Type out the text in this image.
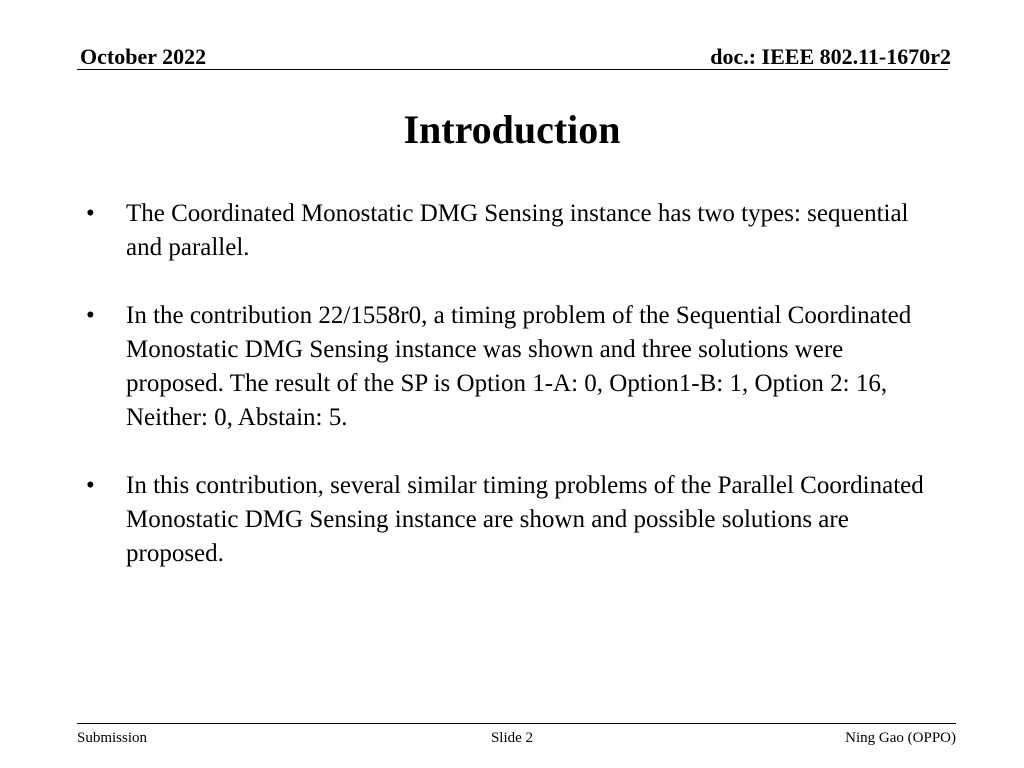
October 2022	doc.: IEEE 802.11-1670r2
Introduction
•	The Coordinated Monostatic DMG Sensing instance has two types: sequential and parallel.
•	In the contribution 22/1558r0, a timing problem of the Sequential Coordinated Monostatic DMG Sensing instance was shown and three solutions were proposed. The result of the SP is Option 1-A: 0, Option1-B: 1, Option 2: 16, Neither: 0, Abstain: 5.
•	In this contribution, several similar timing problems of the Parallel Coordinated Monostatic DMG Sensing instance are shown and possible solutions are proposed.
Submission	Slide 2	Ning Gao (OPPO)
